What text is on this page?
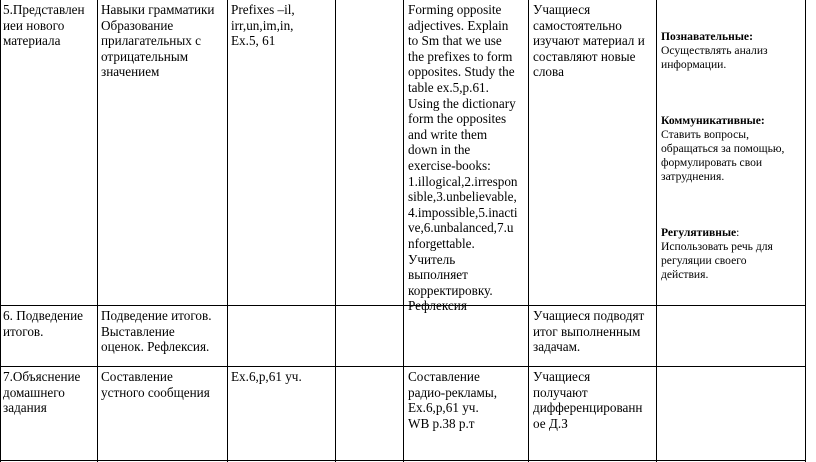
5.Представлен
иеи нового
материала
Навыки грамматики
Образование
прилагательных с
отрицательным
значением
Prefixes –il,
irr,un,im,in,
Ex.5, 61
Forming opposite
adjectives. Explain
to Sm that we use
the prefixes to form
opposites. Study the
table ex.5,p.61.
Using the dictionary
form the opposites
and write them
down in the
exercise-books:
1.illogical,2.irrespon
sible,3.unbelievable,
4.impossible,5.inacti
ve,6.unbalanced,7.u
nforgettable.
Учитель
выполняет
корректировку.
Рефлексия
Учащиеся
самостоятельно
изучают материал и
составляют новые
слова

Познавательные:

Осуществлять анализ
информации.

Коммуникативные:

Ставить вопросы,
обращаться за помощью,
формулировать свои
затруднения.

Регулятивные:

Использовать речь для
регуляции своего
действия.

6. Подведение
итогов.
Подведение итогов.
Выставление
оценок. Рефлексия.
Учащиеся подводят
итог выполненным
задачам.
7.Объяснение
домашнего
задания
Составление
устного сообщения
Ex.6,p,61 уч.	Составление
радио-рекламы,
Ex.6,p,61 уч.
WB p.38 p.т
Учащиеся
получают
дифференцированн
ое Д.З
